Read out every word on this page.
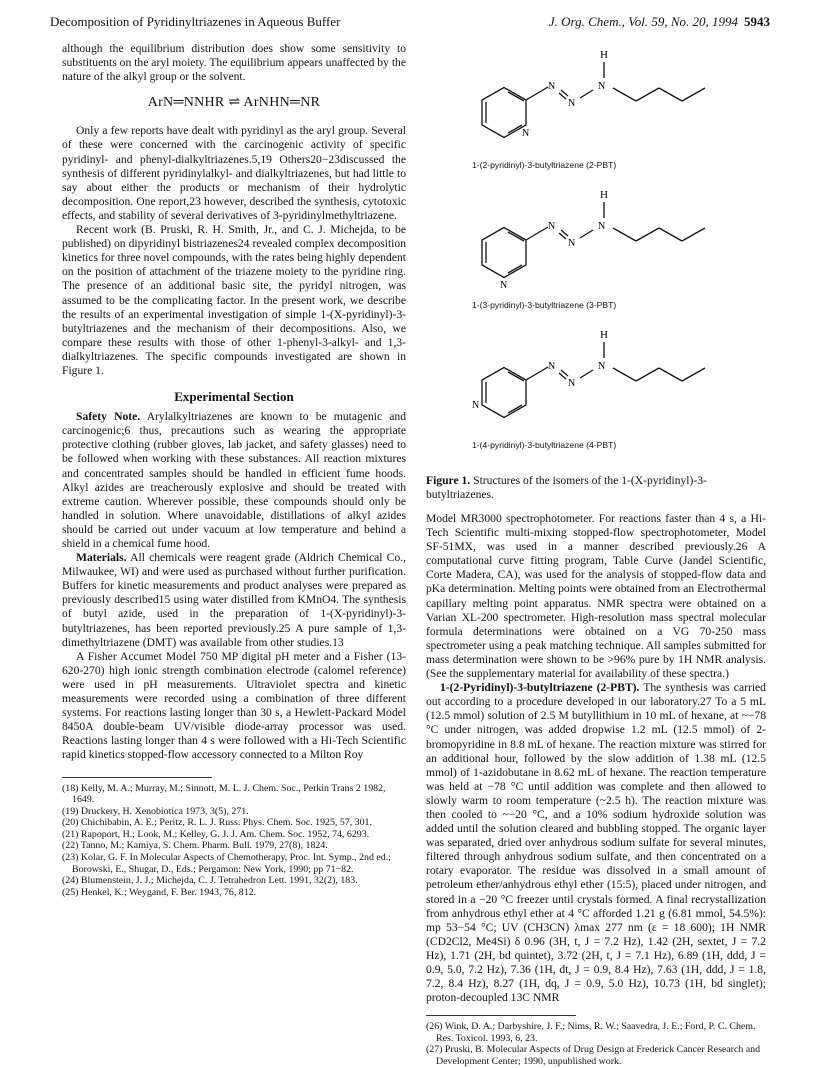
Decomposition of Pyridinyltriazenes in Aqueous Buffer	J. Org. Chem., Vol. 59, No. 20, 1994 5943

although the equilibrium distribution does show some sensitivity to substituents on the aryl moiety. The equilibrium appears unaffected by the nature of the alkyl group or the solvent.

ArN═NNHR ⇌ ArNHN═NR

Only a few reports have dealt with pyridinyl as the aryl group. Several of these were concerned with the carcinogenic activity of specific pyridinyl- and phenyl-dialkyltriazenes.5,19 Others20−23discussed the synthesis of different pyridinylalkyl- and dialkyltriazenes, but had little to say about either the products or mechanism of their hydrolytic decomposition. One report,23 however, described the synthesis, cytotoxic effects, and stability of several derivatives of 3-pyridinylmethyltriazene.

Recent work (B. Pruski, R. H. Smith, Jr., and C. J. Michejda, to be published) on dipyridinyl bistriazenes24 revealed complex decomposition kinetics for three novel compounds, with the rates being highly dependent on the position of attachment of the triazene moiety to the pyridine ring. The presence of an additional basic site, the pyridyl nitrogen, was assumed to be the complicating factor. In the present work, we describe the results of an experimental investigation of simple 1-(X-pyridinyl)-3-butyltriazenes and the mechanism of their decompositions. Also, we compare these results with those of other 1-phenyl-3-alkyl- and 1,3-dialkyltriazenes. The specific compounds investigated are shown in Figure 1.

Experimental Section

Safety Note. Arylalkyltriazenes are known to be mutagenic and carcinogenic;6 thus, precautions such as wearing the appropriate protective clothing (rubber gloves, lab jacket, and safety glasses) need to be followed when working with these substances. All reaction mixtures and concentrated samples should be handled in efficient fume hoods. Alkyl azides are treacherously explosive and should be treated with extreme caution. Wherever possible, these compounds should only be handled in solution. Where unavoidable, distillations of alkyl azides should be carried out under vacuum at low temperature and behind a shield in a chemical fume hood.

Materials. All chemicals were reagent grade (Aldrich Chemical Co., Milwaukee, WI) and were used as purchased without further purification. Buffers for kinetic measurements and product analyses were prepared as previously described15 using water distilled from KMnO4. The synthesis of butyl azide, used in the preparation of 1-(X-pyridinyl)-3-butyltriazenes, has been reported previously.25 A pure sample of 1,3-dimethyltriazene (DMT) was available from other studies.13

A Fisher Accumet Model 750 MP digital pH meter and a Fisher (13-620-270) high ionic strength combination electrode (calomel reference) were used in pH measurements. Ultraviolet spectra and kinetic measurements were recorded using a combination of three different systems. For reactions lasting longer than 30 s, a Hewlett-Packard Model 8450A double-beam UV/visible diode-array processor was used. Reactions lasting longer than 4 s were followed with a Hi-Tech Scientific rapid kinetics stopped-flow accessory connected to a Milton Roy

(18) Kelly, M. A.; Murray, M.; Sinnott, M. L. J. Chem. Soc., Perkin Trans 2 1982, 1649.

(19) Druckery, H. Xenobiotica 1973, 3(5), 271.

(20) Chichibabin, A. E.; Peritz, R. L. J. Russ. Phys. Chem. Soc. 1925, 57, 301.

(21) Rapoport, H.; Look, M.; Kelley, G. J. J. Am. Chem. Soc. 1952, 74, 6293.

(22) Tanno, M.; Kamiya, S. Chem. Pharm. Bull. 1979, 27(8), 1824.

(23) Kolar, G. F. In Molecular Aspects of Chemotherapy, Proc. Int. Symp., 2nd ed.; Borowski, E., Shugar, D., Eds.; Pergamon: New York, 1990; pp 71−82.

(24) Blumenstein, J. J.; Michejda, C. J. Tetrahedron Lett. 1991, 32(2), 183.

(25) Henkel, K.; Weygand, F. Ber. 1943, 76, 812.

H
N
N
N
N
1-(2-pyridinyl)-3-butyltriazene (2-PBT)
H
N
N
N
N
1-(3-pyridinyl)-3-butyltriazene (3-PBT)
H
N
N
N
N
1-(4-pyridinyl)-3-butyltriazene (4-PBT)

Figure 1. Structures of the isomers of the 1-(X-pyridinyl)-3-butyltriazenes.

Model MR3000 spectrophotometer. For reactions faster than 4 s, a Hi-Tech Scientific multi-mixing stopped-flow spectrophotometer, Model SF-51MX, was used in a manner described previously.26 A computational curve fitting program, Table Curve (Jandel Scientific, Corte Madera, CA), was used for the analysis of stopped-flow data and pKa determination. Melting points were obtained from an Electrothermal capillary melting point apparatus. NMR spectra were obtained on a Varian XL-200 spectrometer. High-resolution mass spectral molecular formula determinations were obtained on a VG 70-250 mass spectrometer using a peak matching technique. All samples submitted for mass determination were shown to be >96% pure by 1H NMR analysis. (See the supplementary material for availability of these spectra.)

1-(2-Pyridinyl)-3-butyltriazene (2-PBT). The synthesis was carried out according to a procedure developed in our laboratory.27 To a 5 mL (12.5 mmol) solution of 2.5 M butyllithium in 10 mL of hexane, at ~−78 °C under nitrogen, was added dropwise 1.2 mL (12.5 mmol) of 2-bromopyridine in 8.8 mL of hexane. The reaction mixture was stirred for an additional hour, followed by the slow addition of 1.38 mL (12.5 mmol) of 1-azidobutane in 8.62 mL of hexane. The reaction temperature was held at −78 °C until addition was complete and then allowed to slowly warm to room temperature (~2.5 h). The reaction mixture was then cooled to ~−20 °C, and a 10% sodium hydroxide solution was added until the solution cleared and bubbling stopped. The organic layer was separated, dried over anhydrous sodium sulfate for several minutes, filtered through anhydrous sodium sulfate, and then concentrated on a rotary evaporator. The residue was dissolved in a small amount of petroleum ether/anhydrous ethyl ether (15:5), placed under nitrogen, and stored in a −20 °C freezer until crystals formed. A final recrystallization from anhydrous ethyl ether at 4 °C afforded 1.21 g (6.81 mmol, 54.5%): mp 53−54 °C; UV (CH3CN) λmax 277 nm (ε = 18 600); 1H NMR (CD2Cl2, Me4Si) δ 0.96 (3H, t, J = 7.2 Hz), 1.42 (2H, sextet, J = 7.2 Hz), 1.71 (2H, bd quintet), 3.72 (2H, t, J = 7.1 Hz), 6.89 (1H, ddd, J = 0.9, 5.0, 7.2 Hz), 7.36 (1H, dt, J = 0.9, 8.4 Hz), 7.63 (1H, ddd, J = 1.8, 7.2, 8.4 Hz), 8.27 (1H, dq, J = 0.9, 5.0 Hz), 10.73 (1H, bd singlet); proton-decoupled 13C NMR

(26) Wink, D. A.; Darbyshire, J. F.; Nims, R. W.; Saavedra, J. E.; Ford, P. C. Chem. Res. Toxicol. 1993, 6, 23.

(27) Pruski, B. Molecular Aspects of Drug Design at Frederick Cancer Research and Development Center; 1990, unpublished work.
